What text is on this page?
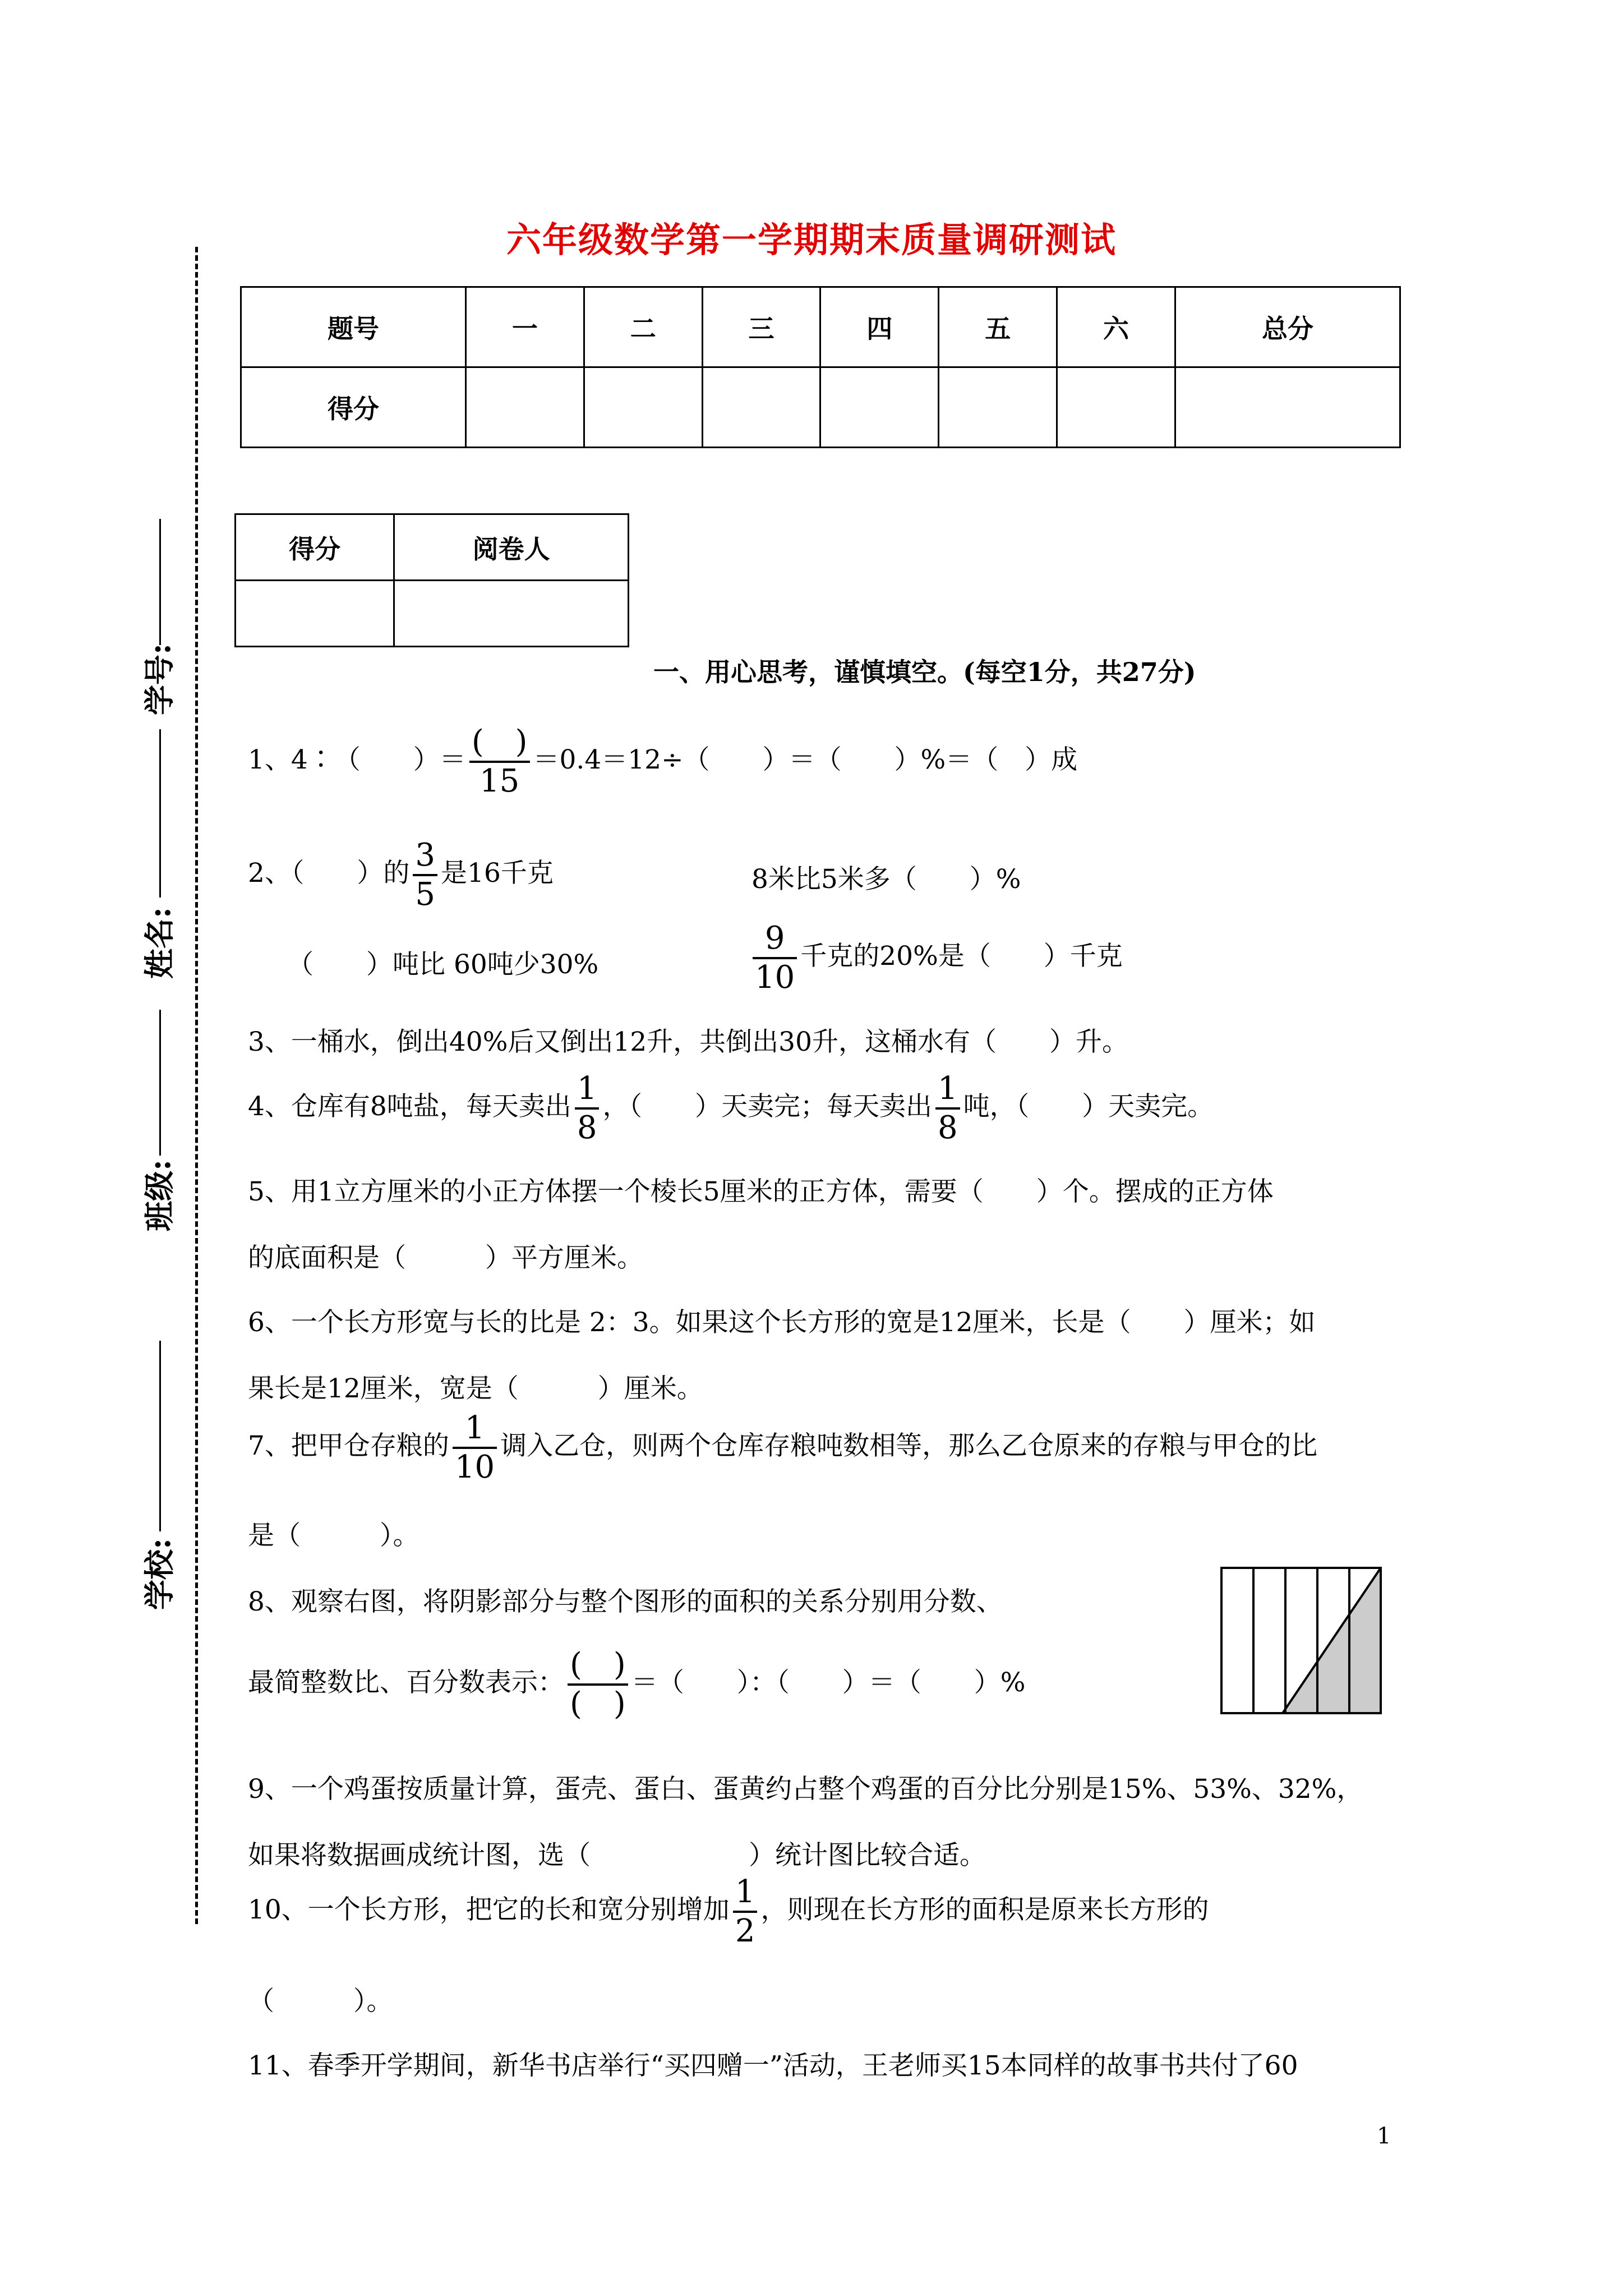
学号:
姓名:
班级:
学校:
六年级数学第一学期期末质量调研测试
题号	一	二	三	四	五	六	总分
得分							
得分	阅卷人

一、用心思考，谨慎填空。(每空1分，共27分)
1、4∶（　　）＝ $\frac{( )}{15} =0.4=12\div$（　　）＝（　　）%＝（　）成
2、（　　）的 $\frac{3}{5}$ 是16千克	8米比5米多（　　）%
（　　）吨比 60吨少30%	$\frac{9}{10}$ 千克的20%是（　　）千克
3、一桶水，倒出40%后又倒出12升，共倒出30升，这桶水有（　　）升。
4、仓库有8吨盐，每天卖出 $\frac{1}{8}$ ，（　　）天卖完；每天卖出 $\frac{1}{8}$ 吨，（　　）天卖完。
5、用1立方厘米的小正方体摆一个棱长5厘米的正方体，需要（　　）个。摆成的正方体
的底面积是（　　　）平方厘米。
6、一个长方形宽与长的比是 2：3。如果这个长方形的宽是12厘米，长是（　　）厘米；如
果长是12厘米，宽是（　　　）厘米。
7、把甲仓存粮的 $\frac{1}{10}$ 调入乙仓，则两个仓库存粮吨数相等，那么乙仓原来的存粮与甲仓的比
是（　　　）。
8、观察右图，将阴影部分与整个图形的面积的关系分别用分数、
最简整数比、百分数表示： $\frac{( )}{( )}$ ＝（　　）：（　　）＝（　　）%
9、一个鸡蛋按质量计算，蛋壳、蛋白、蛋黄约占整个鸡蛋的百分比分别是15%、53%、32%，
如果将数据画成统计图，选（　　　　　　）统计图比较合适。
10、一个长方形，把它的长和宽分别增加 $\frac{1}{2}$ ，则现在长方形的面积是原来长方形的
（　　　）。
11、春季开学期间，新华书店举行“买四赠一”活动，王老师买15本同样的故事书共付了60
1
